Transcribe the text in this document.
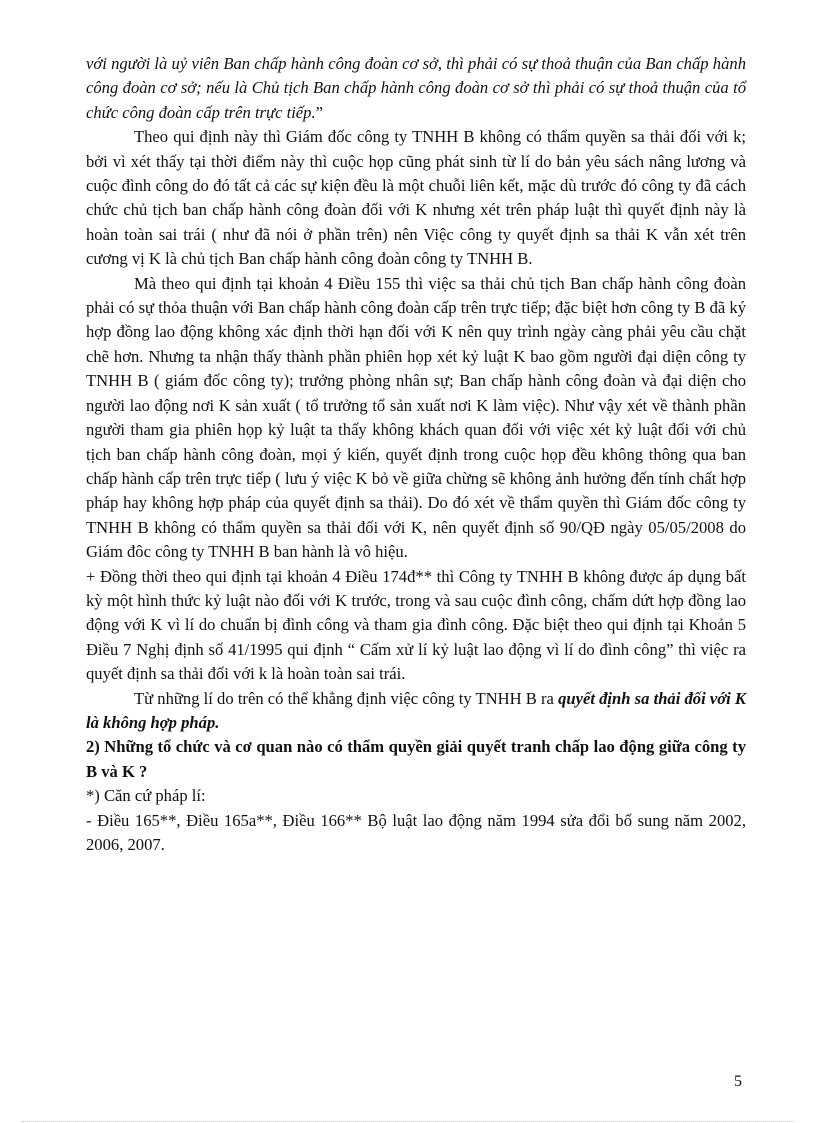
với người là uỷ viên Ban chấp hành công đoàn cơ sở, thì phải có sự thoả thuận của Ban chấp hành công đoàn cơ sở; nếu là Chủ tịch Ban chấp hành công đoàn cơ sở thì phải có sự thoả thuận của tổ chức công đoàn cấp trên trực tiếp.”

Theo qui định này thì Giám đốc công ty TNHH B không có thẩm quyền sa thải đối với k; bởi vì xét thấy tại thời điểm này thì cuộc họp cũng phát sinh từ lí do bản yêu sách nâng lương và cuộc đình công do đó tất cả các sự kiện đều là một chuỗi liên kết, mặc dù trước đó công ty đã cách chức chủ tịch ban chấp hành công đoàn đối với K nhưng xét trên pháp luật thì quyết định này là hoàn toàn sai trái ( như đã nói ở phần trên) nên Việc công ty quyết định sa thải K vẫn xét trên cương vị K là chủ tịch Ban chấp hành công đoàn công ty TNHH B.

Mà theo qui định tại khoản 4 Điều 155 thì việc sa thải chủ tịch Ban chấp hành công đoàn phải có sự thỏa thuận với Ban chấp hành công đoàn cấp trên trực tiếp; đặc biệt hơn công ty B đã ký hợp đồng lao động không xác định thời hạn đối với K nên quy trình ngày càng phải yêu cầu chặt chẽ hơn. Nhưng ta nhận thấy thành phần phiên họp xét kỷ luật K bao gồm người đại diện công ty TNHH B ( giám đốc công ty); trưởng phòng nhân sự; Ban chấp hành công đoàn và đại diện cho người lao động nơi K sản xuất ( tổ trưởng tổ sản xuất nơi K làm việc). Như vậy xét về thành phần người tham gia phiên họp kỷ luật ta thấy không khách quan đối với việc xét kỷ luật đối với chủ tịch ban chấp hành công đoàn, mọi ý kiến, quyết định trong cuộc họp đều không thông qua ban chấp hành cấp trên trực tiếp ( lưu ý việc K bỏ về giữa chừng sẽ không ảnh hưởng đến tính chất hợp pháp hay không hợp pháp của quyết định sa thải). Do đó xét về thẩm quyền thì Giám đốc công ty TNHH B không có thẩm quyền sa thải đối với K, nên quyết định số 90/QĐ ngày 05/05/2008 do Giám đôc công ty TNHH B ban hành là vô hiệu.

+ Đồng thời theo qui định tại khoản 4 Điều 174đ** thì Công ty TNHH B không được áp dụng bất kỳ một hình thức kỷ luật nào đối với K trước, trong và sau cuộc đình công, chấm dứt hợp đồng lao động với K vì lí do chuẩn bị đình công và tham gia đình công. Đặc biệt theo qui định tại Khoản 5 Điều 7 Nghị định số 41/1995 qui định “ Cấm xử lí kỷ luật lao động vì lí do đình công” thì việc ra quyết định sa thải đối với k là hoàn toàn sai trái.

Từ những lí do trên có thể khẳng định việc công ty TNHH B ra quyết định sa thải đối với K là không hợp pháp.

2) Những tổ chức và cơ quan nào có thẩm quyền giải quyết tranh chấp lao động giữa công ty B và K ?

*) Căn cứ pháp lí:

- Điều 165**, Điều 165a**, Điều 166** Bộ luật lao động năm 1994 sửa đổi bổ sung năm 2002, 2006, 2007.

5
